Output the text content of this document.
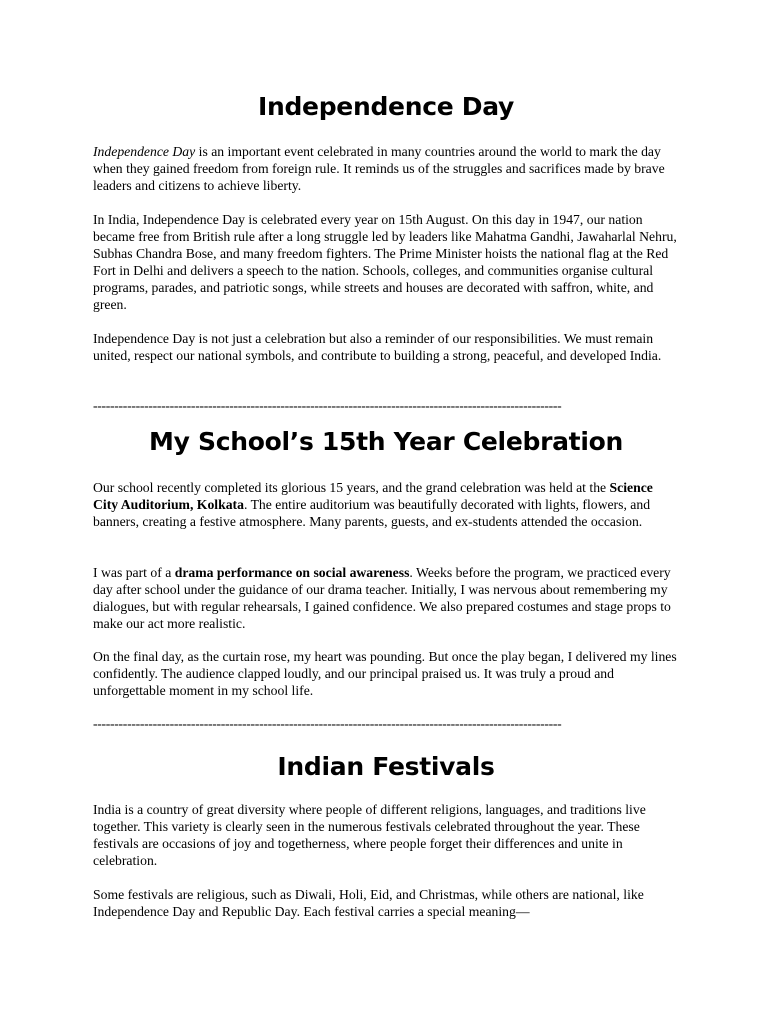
Independence Day

Independence Day is an important event celebrated in many countries around the world to mark the day when they gained freedom from foreign rule. It reminds us of the struggles and sacrifices made by brave leaders and citizens to achieve liberty.

In India, Independence Day is celebrated every year on 15th August. On this day in 1947, our nation became free from British rule after a long struggle led by leaders like Mahatma Gandhi, Jawaharlal Nehru, Subhas Chandra Bose, and many freedom fighters. The Prime Minister hoists the national flag at the Red Fort in Delhi and delivers a speech to the nation. Schools, colleges, and communities organise cultural programs, parades, and patriotic songs, while streets and houses are decorated with saffron, white, and green.

Independence Day is not just a celebration but also a reminder of our responsibilities. We must remain united, respect our national symbols, and contribute to building a strong, peaceful, and developed India.

--------------------------------------------------------------------------------------------------------------
My School’s 15th Year Celebration

Our school recently completed its glorious 15 years, and the grand celebration was held at the Science City Auditorium, Kolkata. The entire auditorium was beautifully decorated with lights, flowers, and banners, creating a festive atmosphere. Many parents, guests, and ex-students attended the occasion.

I was part of a drama performance on social awareness. Weeks before the program, we practiced every day after school under the guidance of our drama teacher. Initially, I was nervous about remembering my dialogues, but with regular rehearsals, I gained confidence. We also prepared costumes and stage props to make our act more realistic.

On the final day, as the curtain rose, my heart was pounding. But once the play began, I delivered my lines confidently. The audience clapped loudly, and our principal praised us. It was truly a proud and unforgettable moment in my school life.

--------------------------------------------------------------------------------------------------------------
Indian Festivals

India is a country of great diversity where people of different religions, languages, and traditions live together. This variety is clearly seen in the numerous festivals celebrated throughout the year. These festivals are occasions of joy and togetherness, where people forget their differences and unite in celebration.

Some festivals are religious, such as Diwali, Holi, Eid, and Christmas, while others are national, like Independence Day and Republic Day. Each festival carries a special meaning—
